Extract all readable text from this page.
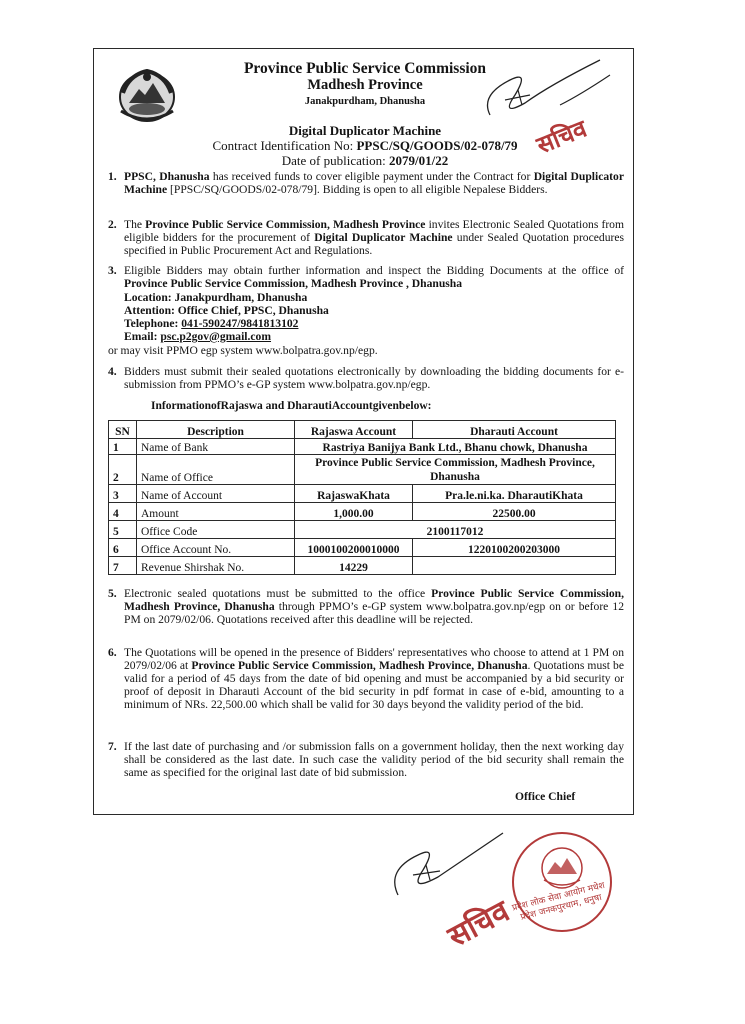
Province Public Service Commission
Madhesh Province
Janakpurdham, Dhanusha
सचिव
Digital Duplicator Machine
Contract Identification No: PPSC/SQ/GOODS/02-078/79
Date of publication: 2079/01/22
1. PPSC, Dhanusha has received funds to cover eligible payment under the Contract for Digital Duplicator Machine [PPSC/SQ/GOODS/02-078/79]. Bidding is open to all eligible Nepalese Bidders.
2. The Province Public Service Commission, Madhesh Province invites Electronic Sealed Quotations from eligible bidders for the procurement of Digital Duplicator Machine under Sealed Quotation procedures specified in Public Procurement Act and Regulations.
3. Eligible Bidders may obtain further information and inspect the Bidding Documents at the office of Province Public Service Commission, Madhesh Province , Dhanusha
Location: Janakpurdham, Dhanusha
Attention: Office Chief, PPSC, Dhanusha
Telephone: 041-590247/9841813102
Email: psc.p2gov@gmail.com
or may visit PPMO egp system www.bolpatra.gov.np/egp.
4. Bidders must submit their sealed quotations electronically by downloading the bidding documents for e-submission from PPMO’s e-GP system www.bolpatra.gov.np/egp.
InformationofRajaswa and DharautiAccountgivenbelow:
SN	Description	Rajaswa Account	Dharauti Account
1	Name of Bank	Rastriya Banijya Bank Ltd., Bhanu chowk, Dhanusha	
2	Name of Office	Province Public Service Commission, Madhesh Province, Dhanusha	
3	Name of Account	RajaswaKhata	Pra.le.ni.ka. DharautiKhata
4	Amount	1,000.00	22500.00
5	Office Code	2100117012	
6	Office Account No.	1000100200010000	1220100200203000
7	Revenue Shirshak No.	14229	
5. Electronic sealed quotations must be submitted to the office Province Public Service Commission, Madhesh Province, Dhanusha through PPMO’s e-GP system www.bolpatra.gov.np/egp on or before 12 PM on 2079/02/06. Quotations received after this deadline will be rejected.
6. The Quotations will be opened in the presence of Bidders' representatives who choose to attend at 1 PM on 2079/02/06 at Province Public Service Commission, Madhesh Province, Dhanusha. Quotations must be valid for a period of 45 days from the date of bid opening and must be accompanied by a bid security or proof of deposit in Dharauti Account of the bid security in pdf format in case of e-bid, amounting to a minimum of NRs. 22,500.00 which shall be valid for 30 days beyond the validity period of the bid.
7. If the last date of purchasing and /or submission falls on a government holiday, then the next working day shall be considered as the last date. In such case the validity period of the bid security shall remain the same as specified for the original last date of bid submission.
Office Chief
सचिव
प्रदेश लोक सेवा आयोग मधेश प्रदेश जनकपुरधाम, धनुषा
